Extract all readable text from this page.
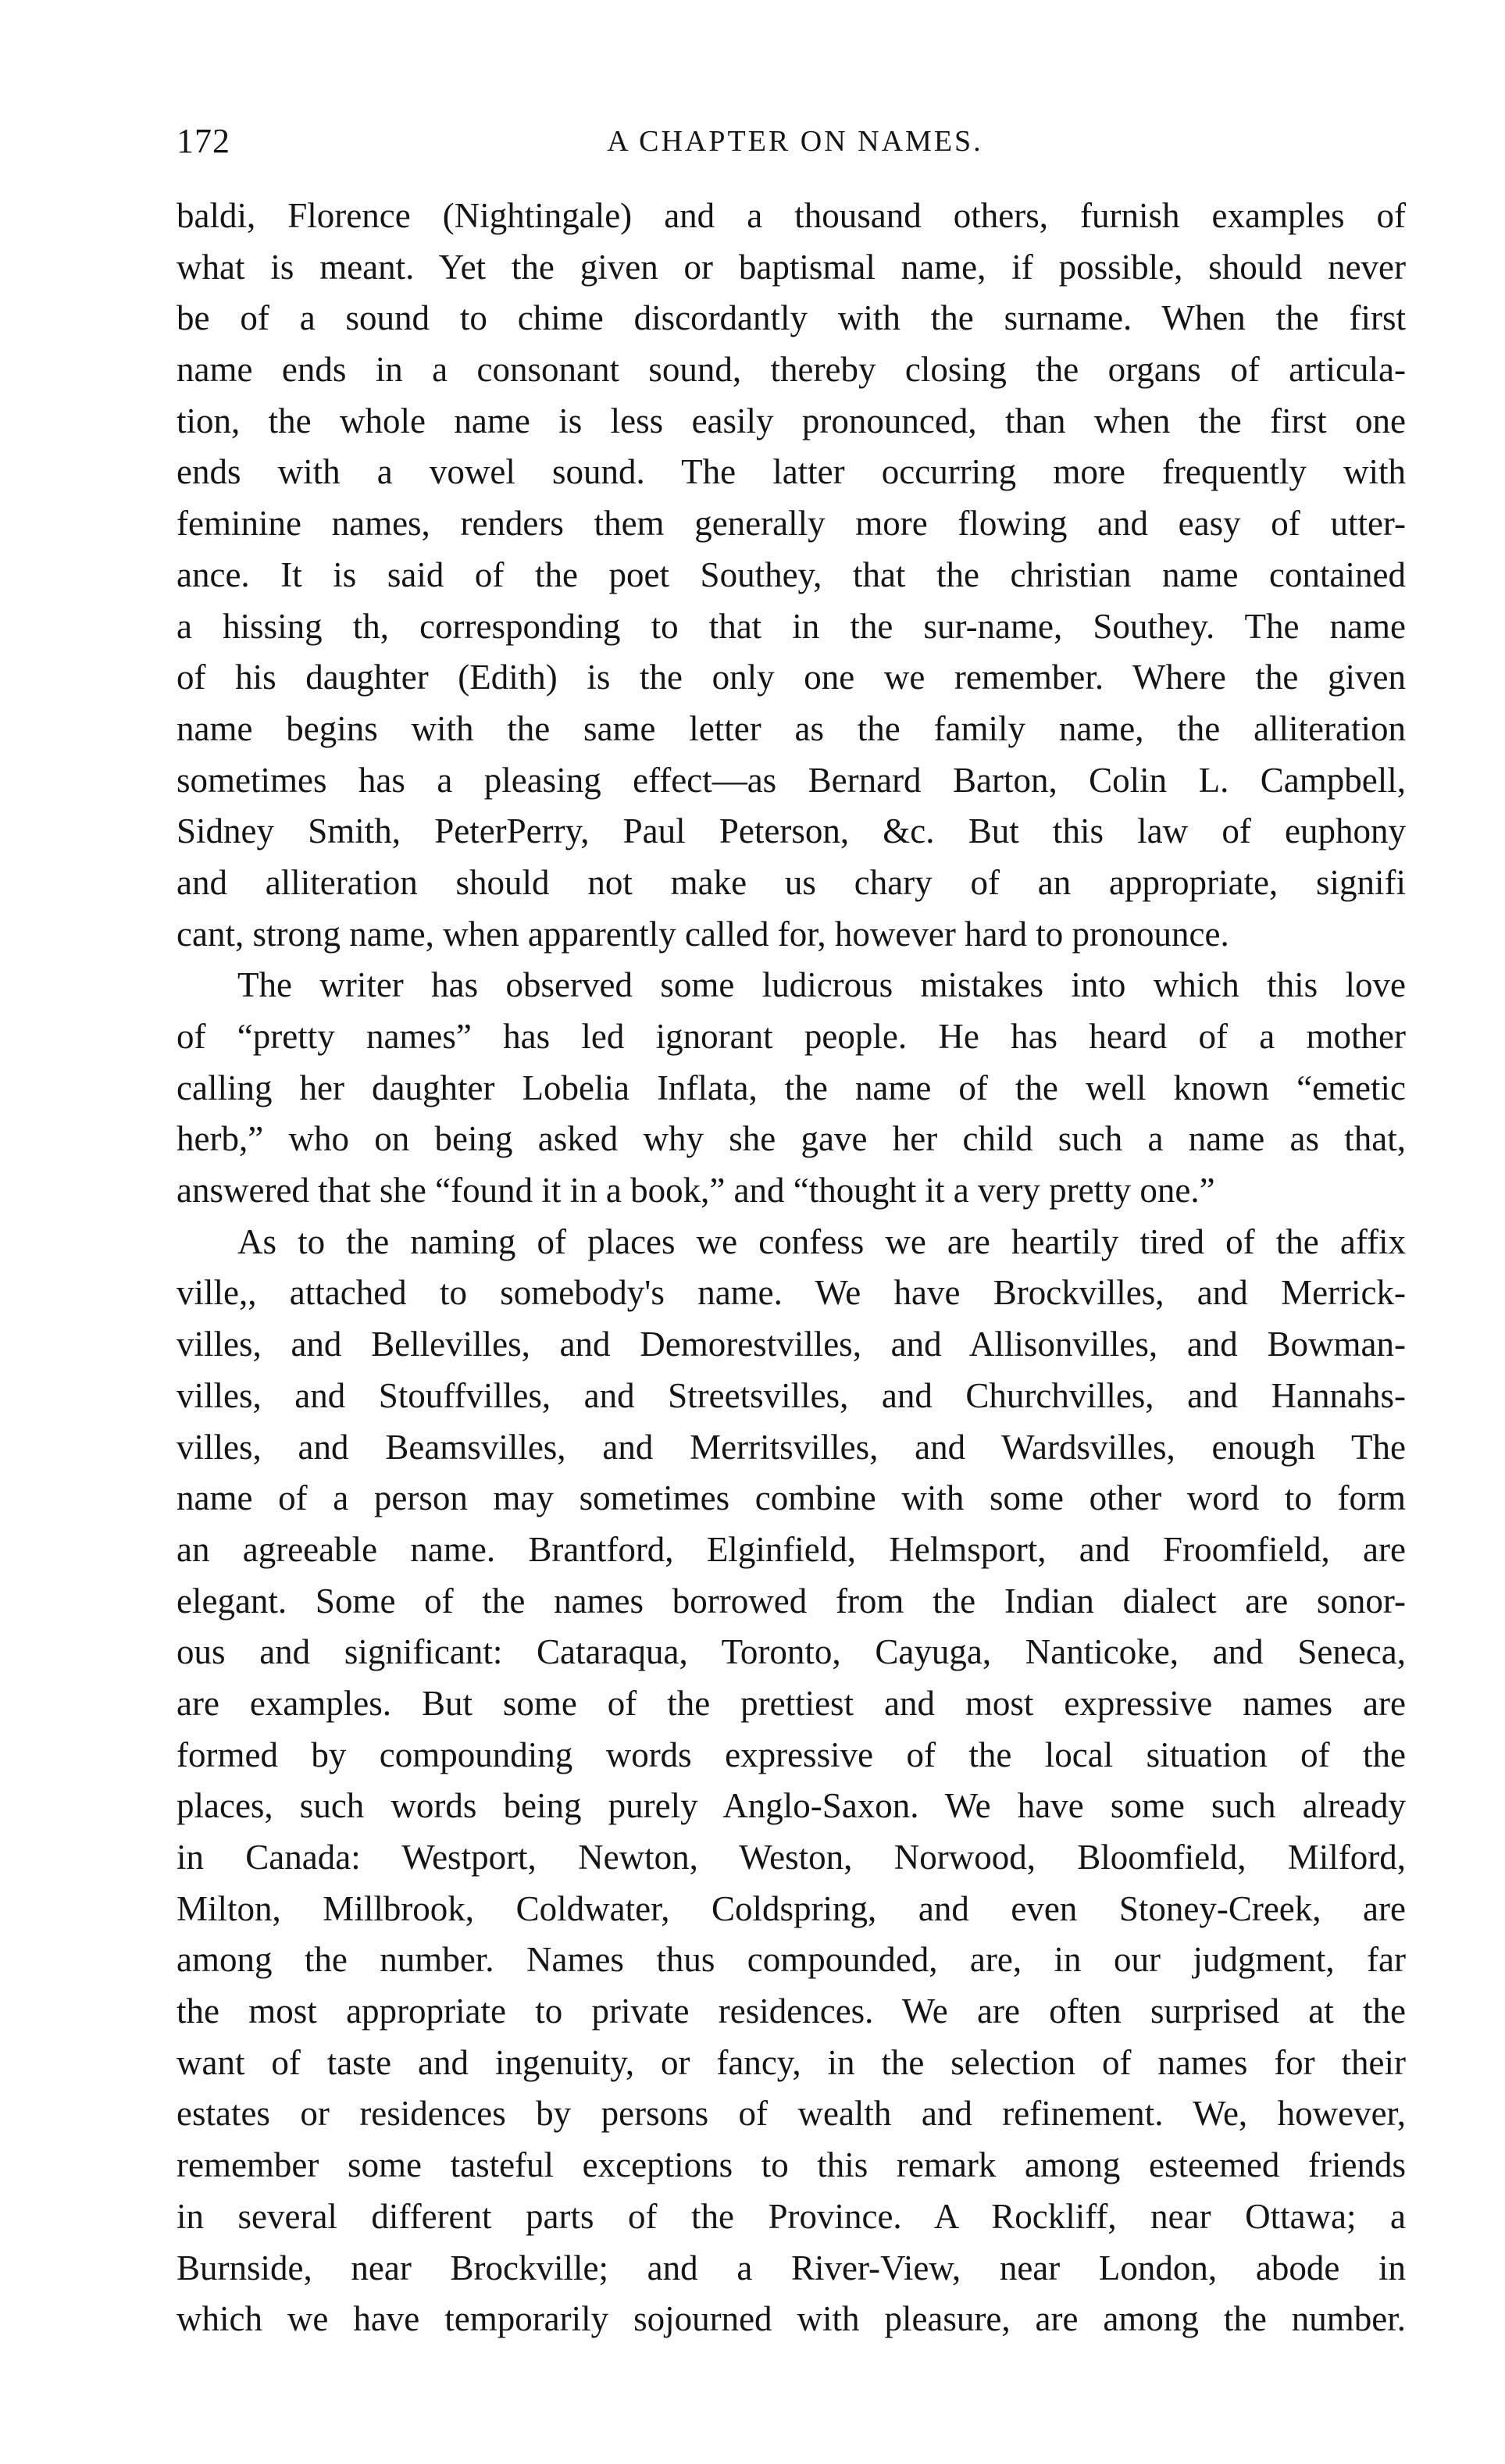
172	A CHAPTER ON NAMES.
baldi, Florence (Nightingale) and a thousand others, furnish examples of
what is meant. Yet the given or baptismal name, if possible, should never
be of a sound to chime discordantly with the surname. When the first
name ends in a consonant sound, thereby closing the organs of articula-
tion, the whole name is less easily pronounced, than when the first one
ends with a vowel sound. The latter occurring more frequently with
feminine names, renders them generally more flowing and easy of utter-
ance. It is said of the poet Southey, that the christian name contained
a hissing th, corresponding to that in the sur-name, Southey. The name
of his daughter (Edith) is the only one we remember. Where the given
name begins with the same letter as the family name, the alliteration
sometimes has a pleasing effect—as Bernard Barton, Colin L. Campbell,
Sidney Smith, PeterPerry, Paul Peterson, &c. But this law of euphony
and alliteration should not make us chary of an appropriate, signifi
cant, strong name, when apparently called for, however hard to pronounce.
The writer has observed some ludicrous mistakes into which this love
of “pretty names” has led ignorant people. He has heard of a mother
calling her daughter Lobelia Inflata, the name of the well known “emetic
herb,” who on being asked why she gave her child such a name as that,
answered that she “found it in a book,” and “thought it a very pretty one.”
As to the naming of places we confess we are heartily tired of the affix
ville,, attached to somebody's name. We have Brockvilles, and Merrick-
villes, and Bellevilles, and Demorestvilles, and Allisonvilles, and Bowman-
villes, and Stouffvilles, and Streetsvilles, and Churchvilles, and Hannahs-
villes, and Beamsvilles, and Merritsvilles, and Wardsvilles, enough The
name of a person may sometimes combine with some other word to form
an agreeable name. Brantford, Elginfield, Helmsport, and Froomfield, are
elegant. Some of the names borrowed from the Indian dialect are sonor-
ous and significant: Cataraqua, Toronto, Cayuga, Nanticoke, and Seneca,
are examples. But some of the prettiest and most expressive names are
formed by compounding words expressive of the local situation of the
places, such words being purely Anglo-Saxon. We have some such already
in Canada: Westport, Newton, Weston, Norwood, Bloomfield, Milford,
Milton, Millbrook, Coldwater, Coldspring, and even Stoney-Creek, are
among the number. Names thus compounded, are, in our judgment, far
the most appropriate to private residences. We are often surprised at the
want of taste and ingenuity, or fancy, in the selection of names for their
estates or residences by persons of wealth and refinement. We, however,
remember some tasteful exceptions to this remark among esteemed friends
in several different parts of the Province. A Rockliff, near Ottawa; a
Burnside, near Brockville; and a River-View, near London, abode in
which we have temporarily sojourned with pleasure, are among the number.
